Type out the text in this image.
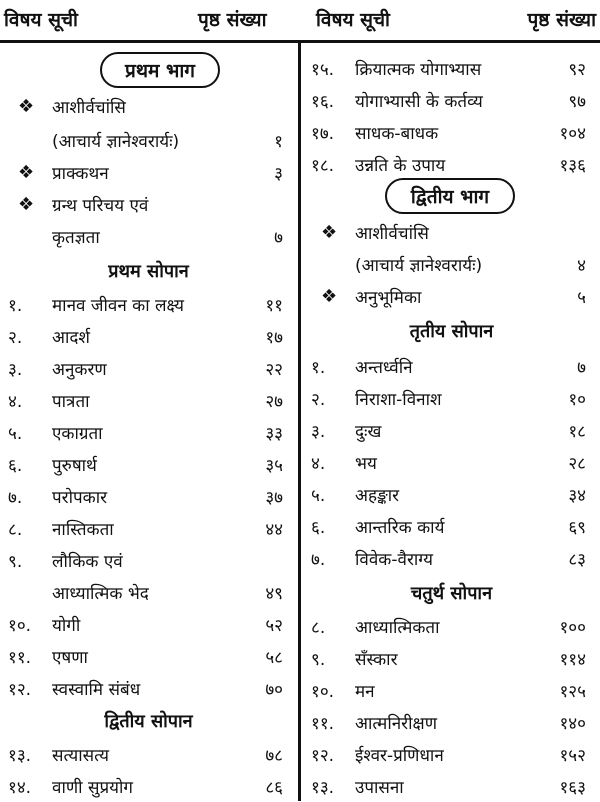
विषय सूची	पृष्ठ संख्या	विषय सूची	पृष्ठ संख्या
प्रथम भाग
❖	आशीर्वचांसि
(आचार्य ज्ञानेश्वरार्यः)	१
❖	प्राक्कथन	३
❖	ग्रन्थ परिचय एवं
कृतज्ञता	७
प्रथम सोपान
१.	मानव जीवन का लक्ष्य	११
२.	आदर्श	१७
३.	अनुकरण	२२
४.	पात्रता	२७
५.	एकाग्रता	३३
६.	पुरुषार्थ	३५
७.	परोपकार	३७
८.	नास्तिकता	४४
९.	लौकिक एवं
आध्यात्मिक भेद	४९
१०.	योगी	५२
११.	एषणा	५८
१२.	स्वस्वामि संबंध	७०
द्वितीय सोपान
१३.	सत्यासत्य	७८
१४.	वाणी सुप्रयोग	८६
१५.	क्रियात्मक योगाभ्यास	९२
१६.	योगाभ्यासी के कर्तव्य	९७
१७.	साधक-बाधक	१०४
१८.	उन्नति के उपाय	१३६
द्वितीय भाग
❖	आशीर्वचांसि
(आचार्य ज्ञानेश्वरार्यः)	४
❖	अनुभूमिका	५
तृतीय सोपान
१.	अन्तर्ध्वनि	७
२.	निराशा-विनाश	१०
३.	दुःख	१८
४.	भय	२८
५.	अहङ्कार	३४
६.	आन्तरिक कार्य	६९
७.	विवेक-वैराग्य	८३
चतुर्थ सोपान
८.	आध्यात्मिकता	१००
९.	सँस्कार	११४
१०.	मन	१२५
११.	आत्मनिरीक्षण	१४०
१२.	ईश्वर-प्रणिधान	१५२
१३.	उपासना	१६३
